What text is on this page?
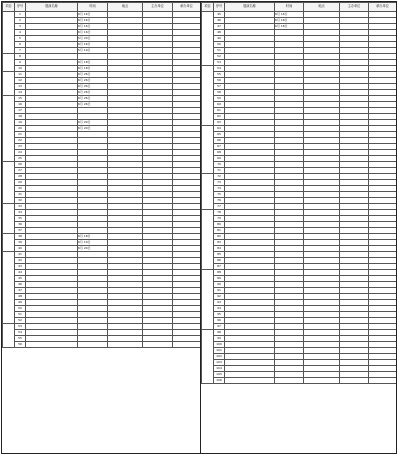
项目	序号	展演名称	时间	地点	主办单位	承办单位
	1		6月 16日			
	2		6月 16日			
	3		6月 16日			
	4		6月 16日			
	5		5月 20日			
	6		6月 16日			
	7		5月 19日			
	8					
	9		6月 18日			
	10		6月 18日			
	11		6月 26日			
	12		6月 26日			
	13		6月 26日			
	14		6月 26日			
	15		6月 26日			
	16		6月 26日			
	17					
	18					
	19		6月 20日			
	20		6月 20日			
	21					
	22					
	23					
	24					
	25					
	26					
	27					
	28					
	29					
	30					
	31					
	32					
	33					
	34					
	35					
	36					
	37					
	38		6月 18日			
	39		6月 19日			
	40		6月 20日			
	41					
	42					
	43					
	44					
	45					
	46					
	47					
	48					
	49					
	50					
	51					
	52					
	53					
	54					
	55					
	56					
项目	序号	展演名称	时间	地点	主办单位	承办单位
	45		6月 16日			
	46		6月 18日			
	47		6月 18日			
	48					
	49					
	50					
	51					
	52					
	53					
	54					
	55					
	56					
	57					
	58					
	59					
	60					
	61					
	62					
	63					
	64					
	65					
	66					
	67					
	68					
	69					
	70					
	71					
	72					
	73					
	74					
	75					
	76					
	77					
	78					
	79					
	80					
	81					
	82					
	83					
	84					
	85					
	86					
	87					
	88					
	89					
	90					
	91					
	92					
	93					
	94					
	95					
	96					
	97					
	98					
	99					
	100					
	101					
	102					
	103					
	104					
	105					
	106					
